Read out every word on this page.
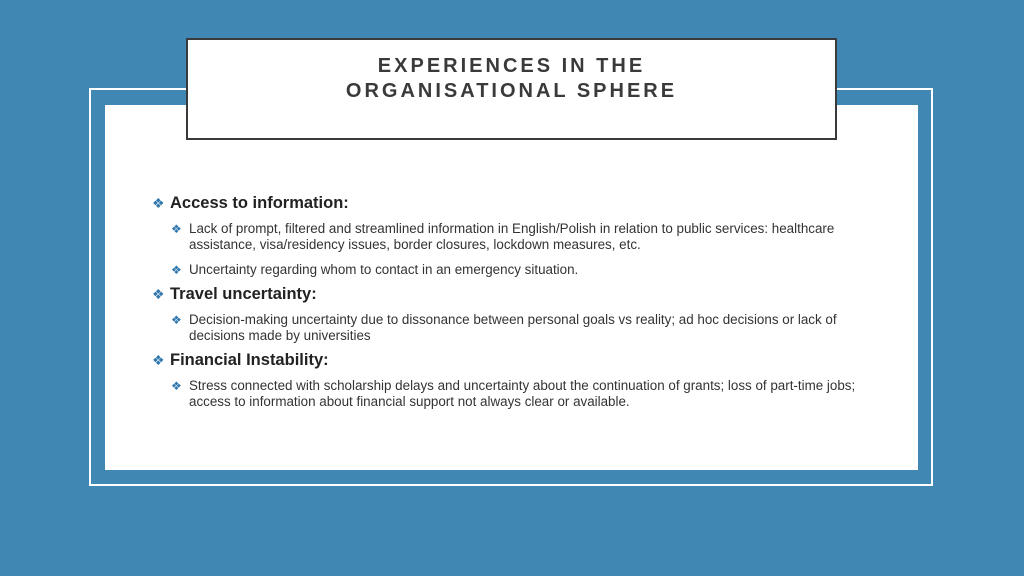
EXPERIENCES IN THE
ORGANISATIONAL SPHERE
❖ Access to information:
❖ Lack of prompt, filtered and streamlined information in English/Polish in relation to public services: healthcare assistance, visa/residency issues, border closures, lockdown measures, etc.
❖ Uncertainty regarding whom to contact in an emergency situation.
❖ Travel uncertainty:
❖ Decision-making uncertainty due to dissonance between personal goals vs reality; ad hoc decisions or lack of decisions made by universities
❖ Financial Instability:
❖ Stress connected with scholarship delays and uncertainty about the continuation of grants; loss of part-time jobs; access to information about financial support not always clear or available.
